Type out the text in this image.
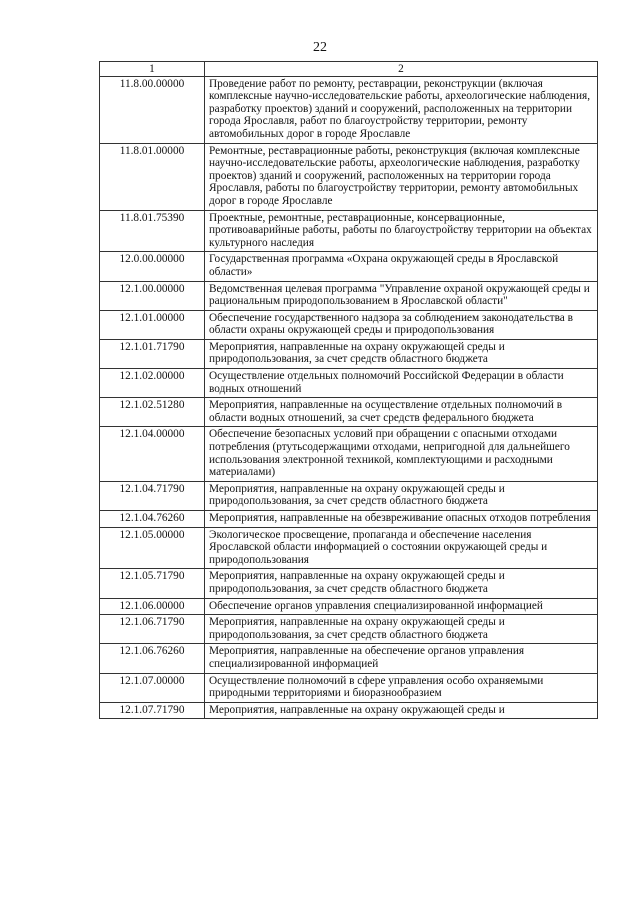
22
1	2
11.8.00.00000	Проведение работ по ремонту, реставрации, реконструкции (включая комплексные научно-исследовательские работы, археологические наблюдения, разработку проектов) зданий и сооружений, расположенных на территории города Ярославля, работ по благоустройству территории, ремонту автомобильных дорог в городе Ярославле
11.8.01.00000	Ремонтные, реставрационные работы, реконструкция (включая комплексные научно-исследовательские работы, археологические наблюдения, разработку проектов) зданий и сооружений, расположенных на территории города Ярославля, работы по благоустройству территории, ремонту автомобильных дорог в городе Ярославле
11.8.01.75390	Проектные, ремонтные, реставрационные, консервационные, противоаварийные работы, работы по благоустройству территории на объектах культурного наследия
12.0.00.00000	Государственная программа «Охрана окружающей среды в Ярославской области»
12.1.00.00000	Ведомственная целевая программа "Управление охраной окружающей среды и рациональным природопользованием в Ярославской области"
12.1.01.00000	Обеспечение государственного надзора за соблюдением законодательства в области охраны окружающей среды и природопользования
12.1.01.71790	Мероприятия, направленные на охрану окружающей среды и природопользования, за счет средств областного бюджета
12.1.02.00000	Осуществление отдельных полномочий Российской Федерации в области водных отношений
12.1.02.51280	Мероприятия, направленные на осуществление отдельных полномочий в области водных отношений, за счет средств федерального бюджета
12.1.04.00000	Обеспечение безопасных условий при обращении с опасными отходами потребления (ртутьсодержащими отходами, непригодной для дальнейшего использования электронной техникой, комплектующими и расходными материалами)
12.1.04.71790	Мероприятия, направленные на охрану окружающей среды и природопользования, за счет средств областного бюджета
12.1.04.76260	Мероприятия, направленные на обезвреживание опасных отходов потребления
12.1.05.00000	Экологическое просвещение, пропаганда и обеспечение населения Ярославской области информацией о состоянии окружающей среды и природопользования
12.1.05.71790	Мероприятия, направленные на охрану окружающей среды и природопользования, за счет средств областного бюджета
12.1.06.00000	Обеспечение органов управления специализированной информацией
12.1.06.71790	Мероприятия, направленные на охрану окружающей среды и природопользования, за счет средств областного бюджета
12.1.06.76260	Мероприятия, направленные на обеспечение органов управления специализированной информацией
12.1.07.00000	Осуществление полномочий в сфере управления особо охраняемыми природными территориями и биоразнообразием
12.1.07.71790	Мероприятия, направленные на охрану окружающей среды и
